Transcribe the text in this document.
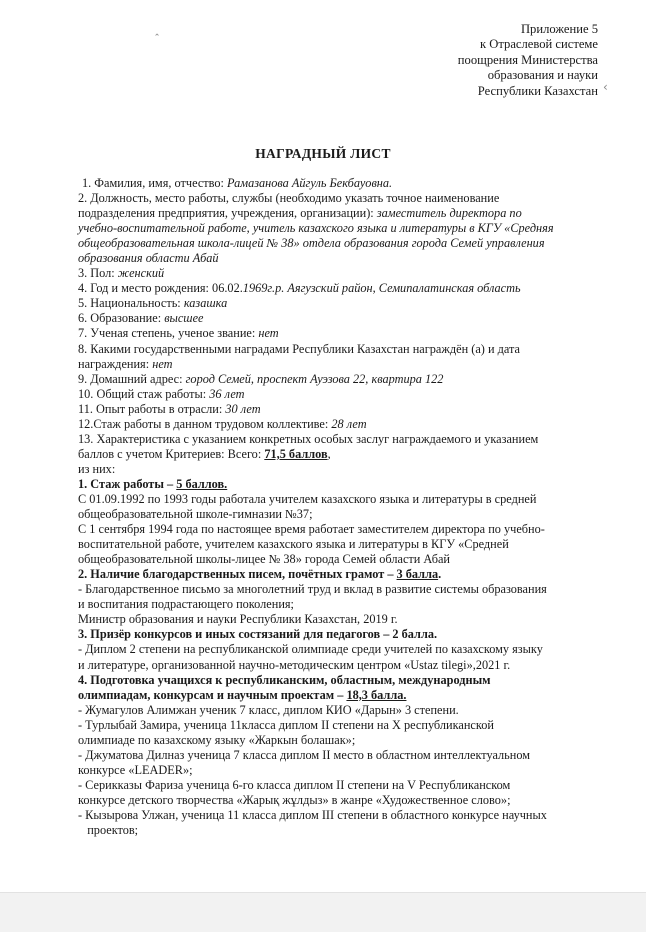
ꞈ
‹
Приложение 5
к Отраслевой системе
поощрения Министерства
образования и науки
Республики Казахстан
НАГРАДНЫЙ ЛИСТ
1. Фамилия, имя, отчество: Рамазанова Айгуль Бекбауовна.
2. Должность, место работы, службы (необходимо указать точное наименование
подразделения предприятия, учреждения, организации): заместитель директора по
учебно-воспитательной работе, учитель казахского языка и литературы в КГУ «Средняя
общеобразовательная школа-лицей № 38» отдела образования города Семей управления
образования области Абай
3. Пол: женский
4. Год и место рождения: 06.02.1969г.р. Аягузский район, Семипалатинская область
5. Национальность: казашка
6. Образование: высшее
7. Ученая степень, ученое звание: нет
8. Какими государственными наградами Республики Казахстан награждён (а) и дата
награждения: нет
9. Домашний адрес: город Семей, проспект Ауэзова 22, квартира 122
10. Общий стаж работы: 36 лет
11. Опыт работы в отрасли: 30 лет
12.Стаж работы в данном трудовом коллективе: 28 лет
13. Характеристика с указанием конкретных особых заслуг награждаемого и указанием
баллов с учетом Критериев: Всего: 71,5 баллов,
из них:
1. Стаж работы – 5 баллов.
С 01.09.1992 по 1993 годы работала учителем казахского языка и литературы в средней
общеобразовательной школе-гимназии №37;
С 1 сентября 1994 года по настоящее время работает заместителем директора по учебно-
воспитательной работе, учителем казахского языка и литературы в КГУ «Средней
общеобразовательной школы-лицее № 38» города Семей области Абай
2. Наличие благодарственных писем, почётных грамот – 3 балла.
- Благодарственное письмо за многолетний труд и вклад в развитие системы образования
и воспитания подрастающего поколения;
Министр образования и науки Республики Казахстан, 2019 г.
3. Призёр конкурсов и иных состязаний для педагогов – 2 балла.
- Диплом 2 степени на республиканской олимпиаде среди учителей по казахскому языку
и литературе, организованной научно-методическим центром «Ustaz tilegi»,2021 г.
4. Подготовка учащихся к республиканским, областным, международным
олимпиадам, конкурсам и научным проектам – 18,3 балла.
- Жумагулов Алимжан ученик 7 класс, диплом КИО «Дарын» 3 степени.
- Турлыбай Замира, ученица 11класса диплом II степени на X республиканской
олимпиаде по казахскому языку «Жаркын болашак»;
- Джуматова Дилназ ученица 7 класса диплом II место в областном интеллектуальном
конкурсе «LEADER»;
- Серикказы Фариза ученица 6-го класса диплом II степени на V Республиканском
конкурсе детского творчества «Жарық жұлдыз» в жанре «Художественное слово»;
- Кызырова Улжан, ученица 11 класса диплом III степени в областного конкурсе научных
проектов;
